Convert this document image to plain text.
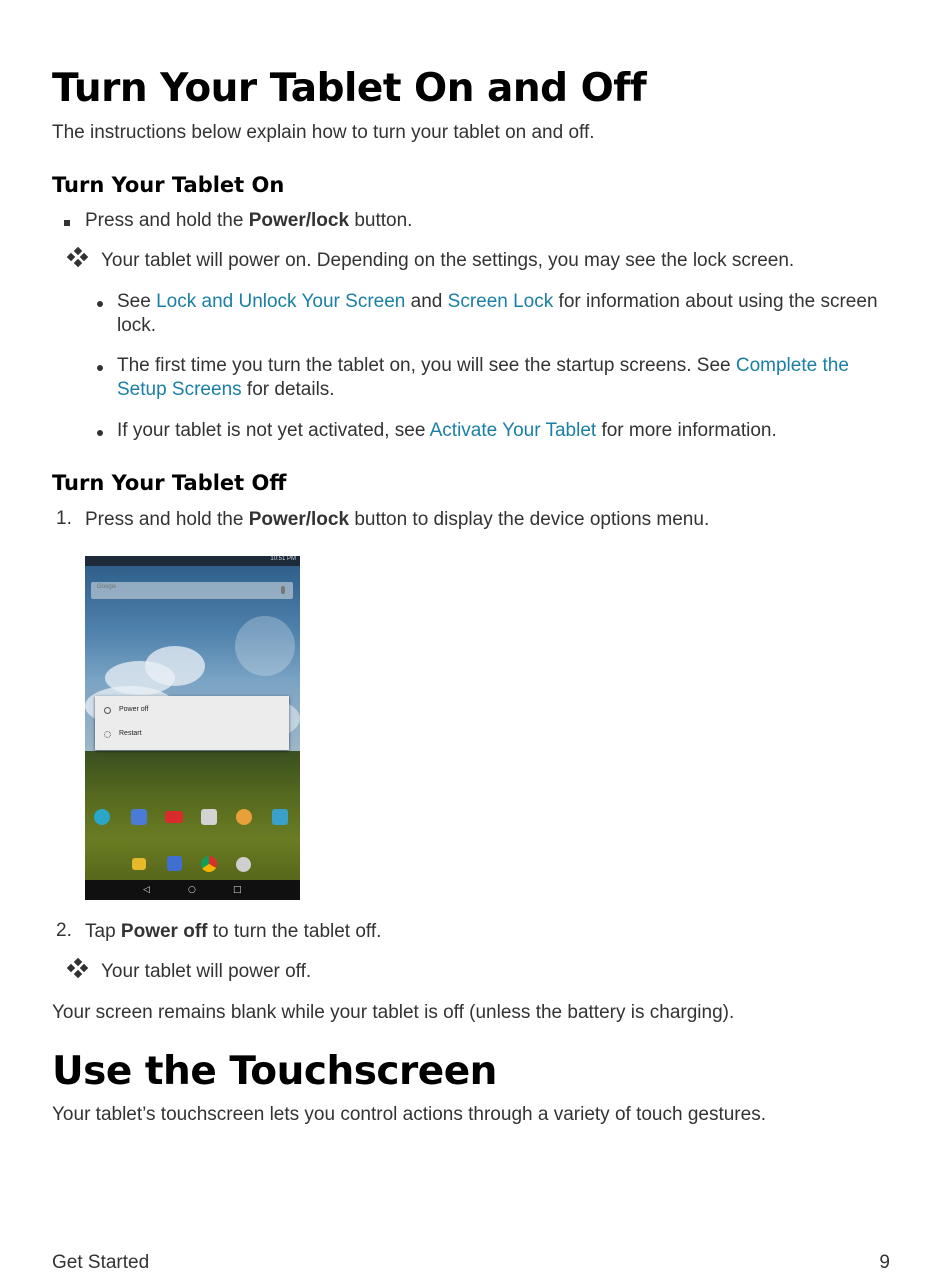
Turn Your Tablet On and Off
The instructions below explain how to turn your tablet on and off.
Turn Your Tablet On
Press and hold the Power/lock button.
Your tablet will power on. Depending on the settings, you may see the lock screen.
See Lock and Unlock Your Screen and Screen Lock for information about using the screen
lock.
The first time you turn the tablet on, you will see the startup screens. See Complete the
Setup Screens for details.
If your tablet is not yet activated, see Activate Your Tablet for more information.
Turn Your Tablet Off
1. Press and hold the Power/lock button to display the device options menu.
10:51 PM
Google
Power off
Restart
◁	○	□
2. Tap Power off to turn the tablet off.
Your tablet will power off.
Your screen remains blank while your tablet is off (unless the battery is charging).
Use the Touchscreen
Your tablet’s touchscreen lets you control actions through a variety of touch gestures.
Get Started	9
